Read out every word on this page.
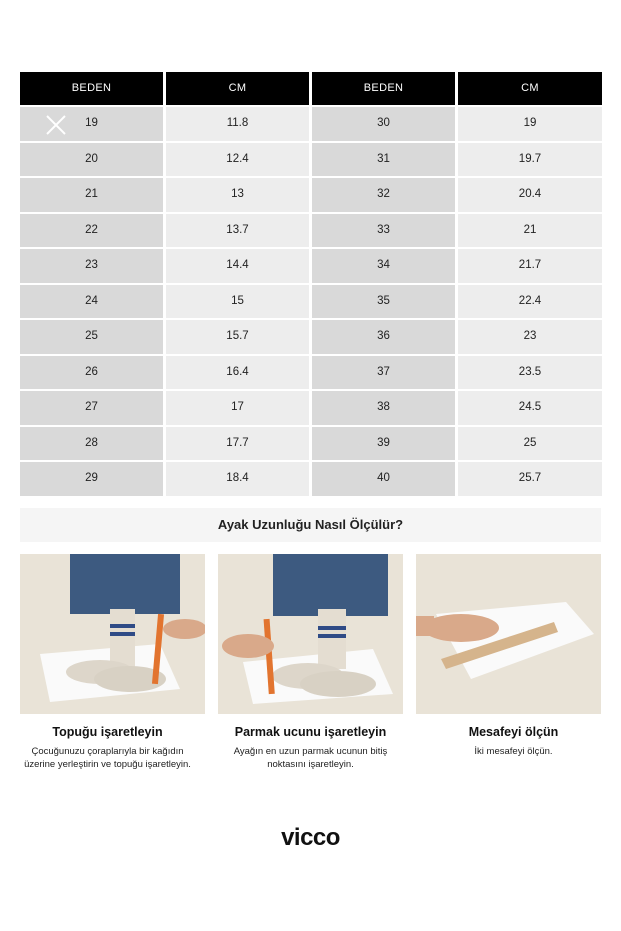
BEDEN	CM	BEDEN	CM
19	11.8	30	19
20	12.4	31	19.7
21	13	32	20.4
22	13.7	33	21
23	14.4	34	21.7
24	15	35	22.4
25	15.7	36	23
26	16.4	37	23.5
27	17	38	24.5
28	17.7	39	25
29	18.4	40	25.7
Ayak Uzunluğu Nasıl Ölçülür?
Topuğu işaretleyin
Çocuğunuzu çoraplarıyla bir kağıdın üzerine yerleştirin ve topuğu işaretleyin.
Parmak ucunu işaretleyin
Ayağın en uzun parmak ucunun bitiş noktasını işaretleyin.
Mesafeyi ölçün
İki mesafeyi ölçün.
vicco
